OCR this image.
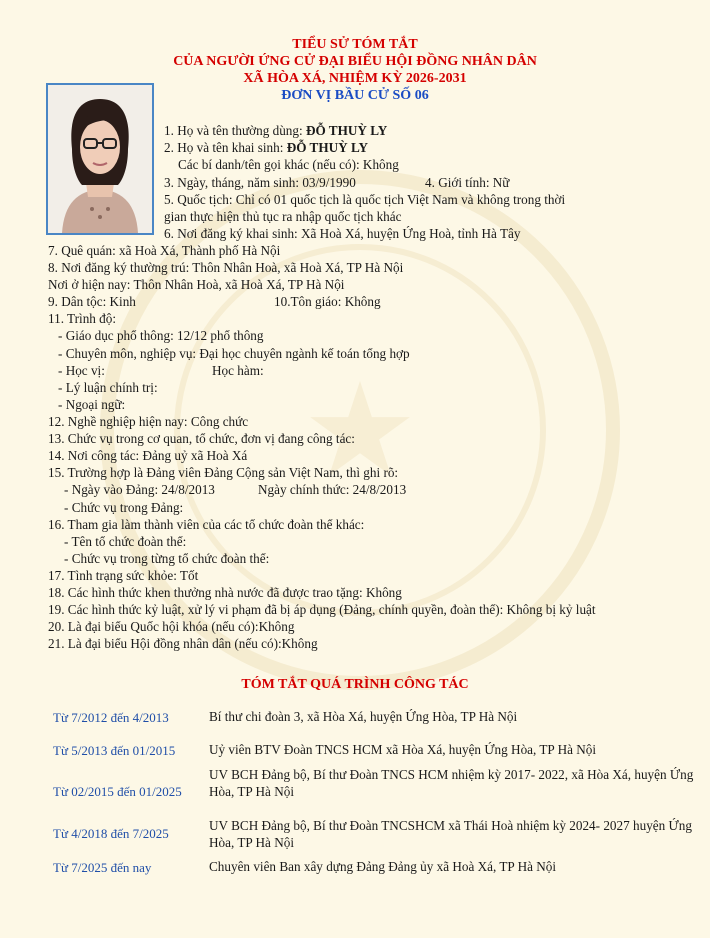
★
TIỂU SỬ TÓM TẮT
CỦA NGƯỜI ỨNG CỬ ĐẠI BIỂU HỘI ĐỒNG NHÂN DÂN
XÃ HÒA XÁ, NHIỆM KỲ 2026-2031
ĐƠN VỊ BẦU CỬ SỐ 06
1. Họ và tên thường dùng: ĐỖ THUỲ LY
2. Họ và tên khai sinh: ĐỖ THUỲ LY
Các bí danh/tên gọi khác (nếu có): Không
3. Ngày, tháng, năm sinh: 03/9/1990	4. Giới tính: Nữ
5. Quốc tịch: Chỉ có 01 quốc tịch là quốc tịch Việt Nam và không trong thời
gian thực hiện thủ tục ra nhập quốc tịch khác
6. Nơi đăng ký khai sinh: Xã Hoà Xá, huyện Ứng Hoà, tỉnh Hà Tây
7. Quê quán: xã Hoà Xá, Thành phố Hà Nội
8. Nơi đăng ký thường trú: Thôn Nhân Hoà, xã Hoà Xá, TP Hà Nội
Nơi ở hiện nay: Thôn Nhân Hoà, xã Hoà Xá, TP Hà Nội
9. Dân tộc: Kinh	10.Tôn giáo: Không
11. Trình độ:
- Giáo dục phổ thông: 12/12 phổ thông
- Chuyên môn, nghiệp vụ: Đại học chuyên ngành kế toán tổng hợp
- Học vị:	Học hàm:
- Lý luận chính trị:
- Ngoại ngữ:
12. Nghề nghiệp hiện nay: Công chức
13. Chức vụ trong cơ quan, tổ chức, đơn vị đang công tác:
14. Nơi công tác: Đảng uỷ xã Hoà Xá
15. Trường hợp là Đảng viên Đảng Cộng sản Việt Nam, thì ghi rõ:
- Ngày vào Đảng: 24/8/2013	Ngày chính thức: 24/8/2013
- Chức vụ trong Đảng:
16. Tham gia làm thành viên của các tổ chức đoàn thể khác:
- Tên tổ chức đoàn thể:
- Chức vụ trong từng tổ chức đoàn thể:
17. Tình trạng sức khỏe: Tốt
18. Các hình thức khen thưởng nhà nước đã được trao tặng: Không
19. Các hình thức kỷ luật, xử lý vi phạm đã bị áp dụng (Đảng, chính quyền, đoàn thể): Không bị kỷ luật
20. Là đại biểu Quốc hội khóa (nếu có):Không
21. Là đại biểu Hội đồng nhân dân (nếu có):Không
TÓM TẮT QUÁ TRÌNH CÔNG TÁC
Từ 7/2012 đến 4/2013	Bí thư chi đoàn 3, xã Hòa Xá, huyện Ứng Hòa, TP Hà Nội
Từ 5/2013 đến 01/2015	Uỷ viên BTV Đoàn TNCS HCM xã Hòa Xá, huyện Ứng Hòa, TP Hà Nội
Từ 02/2015 đến 01/2025
UV BCH Đảng bộ, Bí thư Đoàn TNCS HCM nhiệm kỳ 2017- 2022, xã Hòa Xá, huyện Ứng Hòa, TP Hà Nội
Từ 4/2018 đến 7/2025
UV BCH Đảng bộ, Bí thư Đoàn TNCSHCM xã Thái Hoà nhiệm kỳ 2024- 2027 huyện Ứng Hòa, TP Hà Nội
Từ 7/2025 đến nay	Chuyên viên Ban xây dựng Đảng Đảng ủy xã Hoà Xá, TP Hà Nội
